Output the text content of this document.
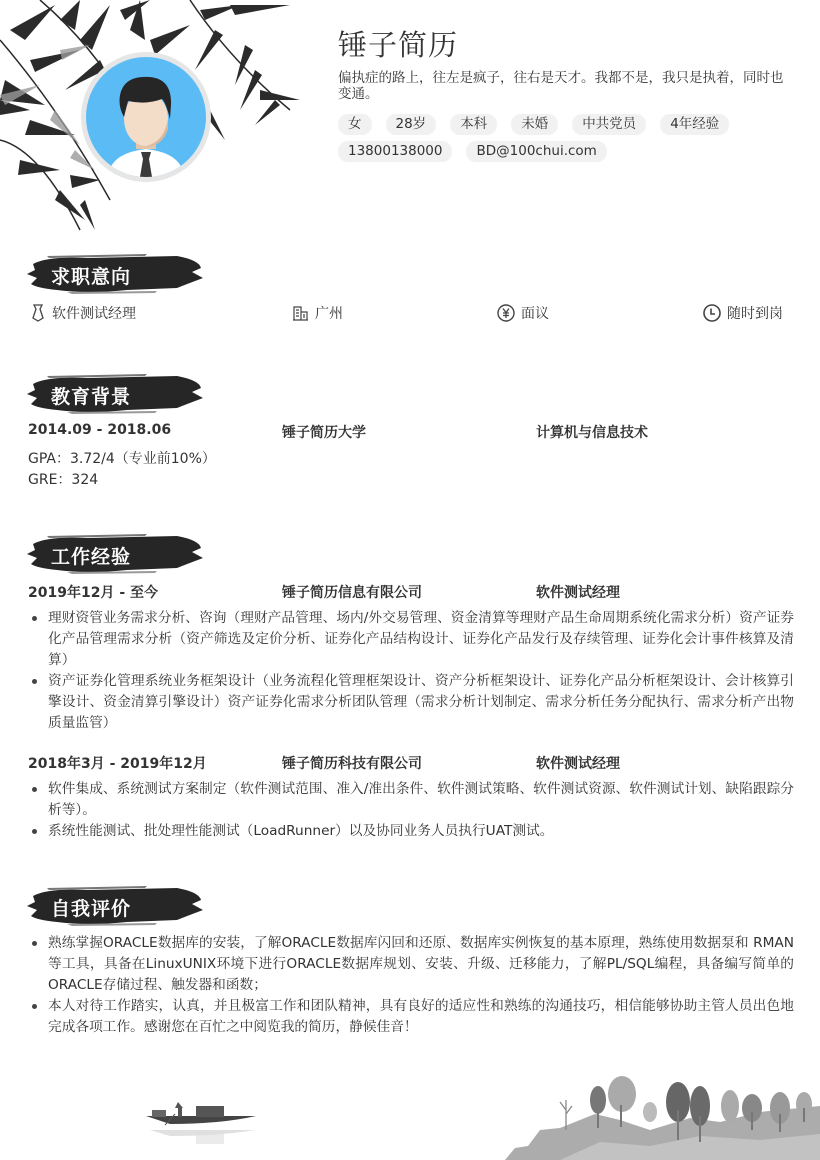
锤子简历
偏执症的路上，往左是疯子，往右是天才。我都不是，我只是执着，同时也变通。
女	28岁	本科	未婚	中共党员	4年经验
13800138000	BD@100chui.com
求职意向
软件测试经理	广州	面议	随时到岗
教育背景
2014.09 - 2018.06	锤子简历大学	计算机与信息技术
GPA：3.72/4（专业前10%）
GRE：324
工作经验
2019年12月 - 至今	锤子简历信息有限公司	软件测试经理
理财资管业务需求分析、咨询（理财产品管理、场内/外交易管理、资金清算等理财产品生命周期系统化需求分析）资产证券化产品管理需求分析（资产筛选及定价分析、证券化产品结构设计、证券化产品发行及存续管理、证券化会计事件核算及清算）
资产证券化管理系统业务框架设计（业务流程化管理框架设计、资产分析框架设计、证券化产品分析框架设计、会计核算引擎设计、资金清算引擎设计）资产证券化需求分析团队管理（需求分析计划制定、需求分析任务分配执行、需求分析产出物质量监管）
2018年3月 - 2019年12月	锤子简历科技有限公司	软件测试经理
软件集成、系统测试方案制定（软件测试范围、准入/准出条件、软件测试策略、软件测试资源、软件测试计划、缺陷跟踪分析等）。
系统性能测试、批处理性能测试（LoadRunner）以及协同业务人员执行UAT测试。
自我评价
熟练掌握ORACLE数据库的安装，了解ORACLE数据库闪回和还原、数据库实例恢复的基本原理，熟练使用数据泵和 RMAN等工具，具备在LinuxUNIX环境下进行ORACLE数据库规划、安装、升级、迁移能力，了解PL/SQL编程，具备编写简单的ORACLE存储过程、触发器和函数；
本人对待工作踏实，认真，并且极富工作和团队精神，具有良好的适应性和熟练的沟通技巧，相信能够协助主管人员出色地完成各项工作。感谢您在百忙之中阅览我的简历，静候佳音！
